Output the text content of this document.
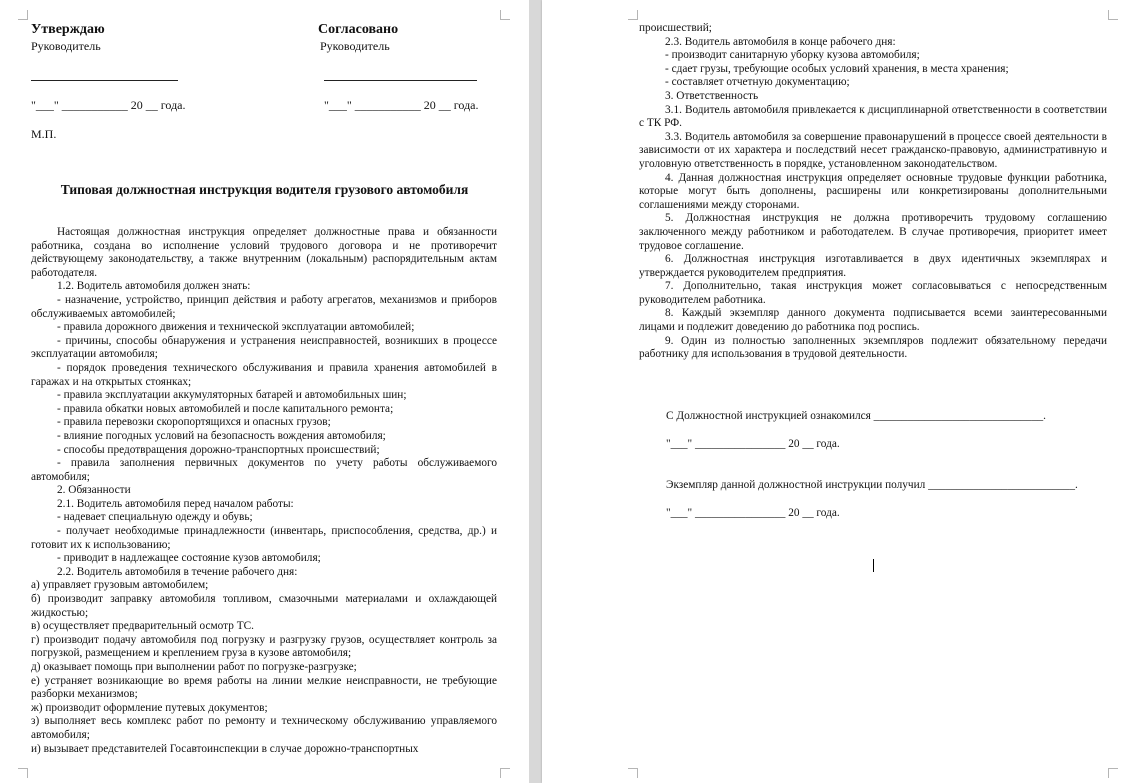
Утверждаю
Руководитель
"___" ___________ 20 __ года.
Согласовано
Руководитель
"___" ___________ 20 __ года.
М.П.
Типовая должностная инструкция водителя грузового автомобиля

Настоящая должностная инструкция определяет должностные права и обязанности работника, создана во исполнение условий трудового договора и не противоречит действующему законодательству, а также внутренним (локальным) распорядительным актам работодателя.

1.2. Водитель автомобиля должен знать:

- назначение, устройство, принцип действия и работу агрегатов, механизмов и приборов обслуживаемых автомобилей;

- правила дорожного движения и технической эксплуатации автомобилей;

- причины, способы обнаружения и устранения неисправностей, возникших в процессе эксплуатации автомобиля;

- порядок проведения технического обслуживания и правила хранения автомобилей в гаражах и на открытых стоянках;

- правила эксплуатации аккумуляторных батарей и автомобильных шин;

- правила обкатки новых автомобилей и после капитального ремонта;

- правила перевозки скоропортящихся и опасных грузов;

- влияние погодных условий на безопасность вождения автомобиля;

- способы предотвращения дорожно-транспортных происшествий;

- правила заполнения первичных документов по учету работы обслуживаемого автомобиля;

2. Обязанности

2.1. Водитель автомобиля перед началом работы:

- надевает специальную одежду и обувь;

- получает необходимые принадлежности (инвентарь, приспособления, средства, др.) и готовит их к использованию;

- приводит в надлежащее состояние кузов автомобиля;

2.2. Водитель автомобиля в течение рабочего дня:

а) управляет грузовым автомобилем;

б) производит заправку автомобиля топливом, смазочными материалами и охлаждающей жидкостью;

в) осуществляет предварительный осмотр ТС.

г) производит подачу автомобиля под погрузку и разгрузку грузов, осуществляет контроль за погрузкой, размещением и креплением груза в кузове автомобиля;

д) оказывает помощь при выполнении работ по погрузке-разгрузке;

е) устраняет возникающие во время работы на линии мелкие неисправности, не требующие разборки механизмов;

ж) производит оформление путевых документов;

з) выполняет весь комплекс работ по ремонту и техническому обслуживанию управляемого автомобиля;

и) вызывает представителей Госавтоинспекции в случае дорожно-транспортных

происшествий;

2.3. Водитель автомобиля в конце рабочего дня:

- производит санитарную уборку кузова автомобиля;

- сдает грузы, требующие особых условий хранения, в места хранения;

- составляет отчетную документацию;

3. Ответственность

3.1. Водитель автомобиля привлекается к дисциплинарной ответственности в соответствии с ТК РФ.

3.3. Водитель автомобиля за совершение правонарушений в процессе своей деятельности в зависимости от их характера и последствий несет гражданско-правовую, административную и уголовную ответственность в порядке, установленном законодательством.

4. Данная должностная инструкция определяет основные трудовые функции работника, которые могут быть дополнены, расширены или конкретизированы дополнительными соглашениями между сторонами.

5. Должностная инструкция не должна противоречить трудовому соглашению заключенного между работником и работодателем. В случае противоречия, приоритет имеет трудовое соглашение.

6. Должностная инструкция изготавливается в двух идентичных экземплярах и утверждается руководителем предприятия.

7. Дополнительно, такая инструкция может согласовываться с непосредственным руководителем работника.

8. Каждый экземпляр данного документа подписывается всеми заинтересованными лицами и подлежит доведению до работника под роспись.

9. Один из полностью заполненных экземпляров подлежит обязательному передачи работнику для использования в трудовой деятельности.

С Должностной инструкцией ознакомился ______________________________.
"___" ________________ 20 __ года.
Экземпляр данной должностной инструкции получил __________________________.
"___" ________________ 20 __ года.
